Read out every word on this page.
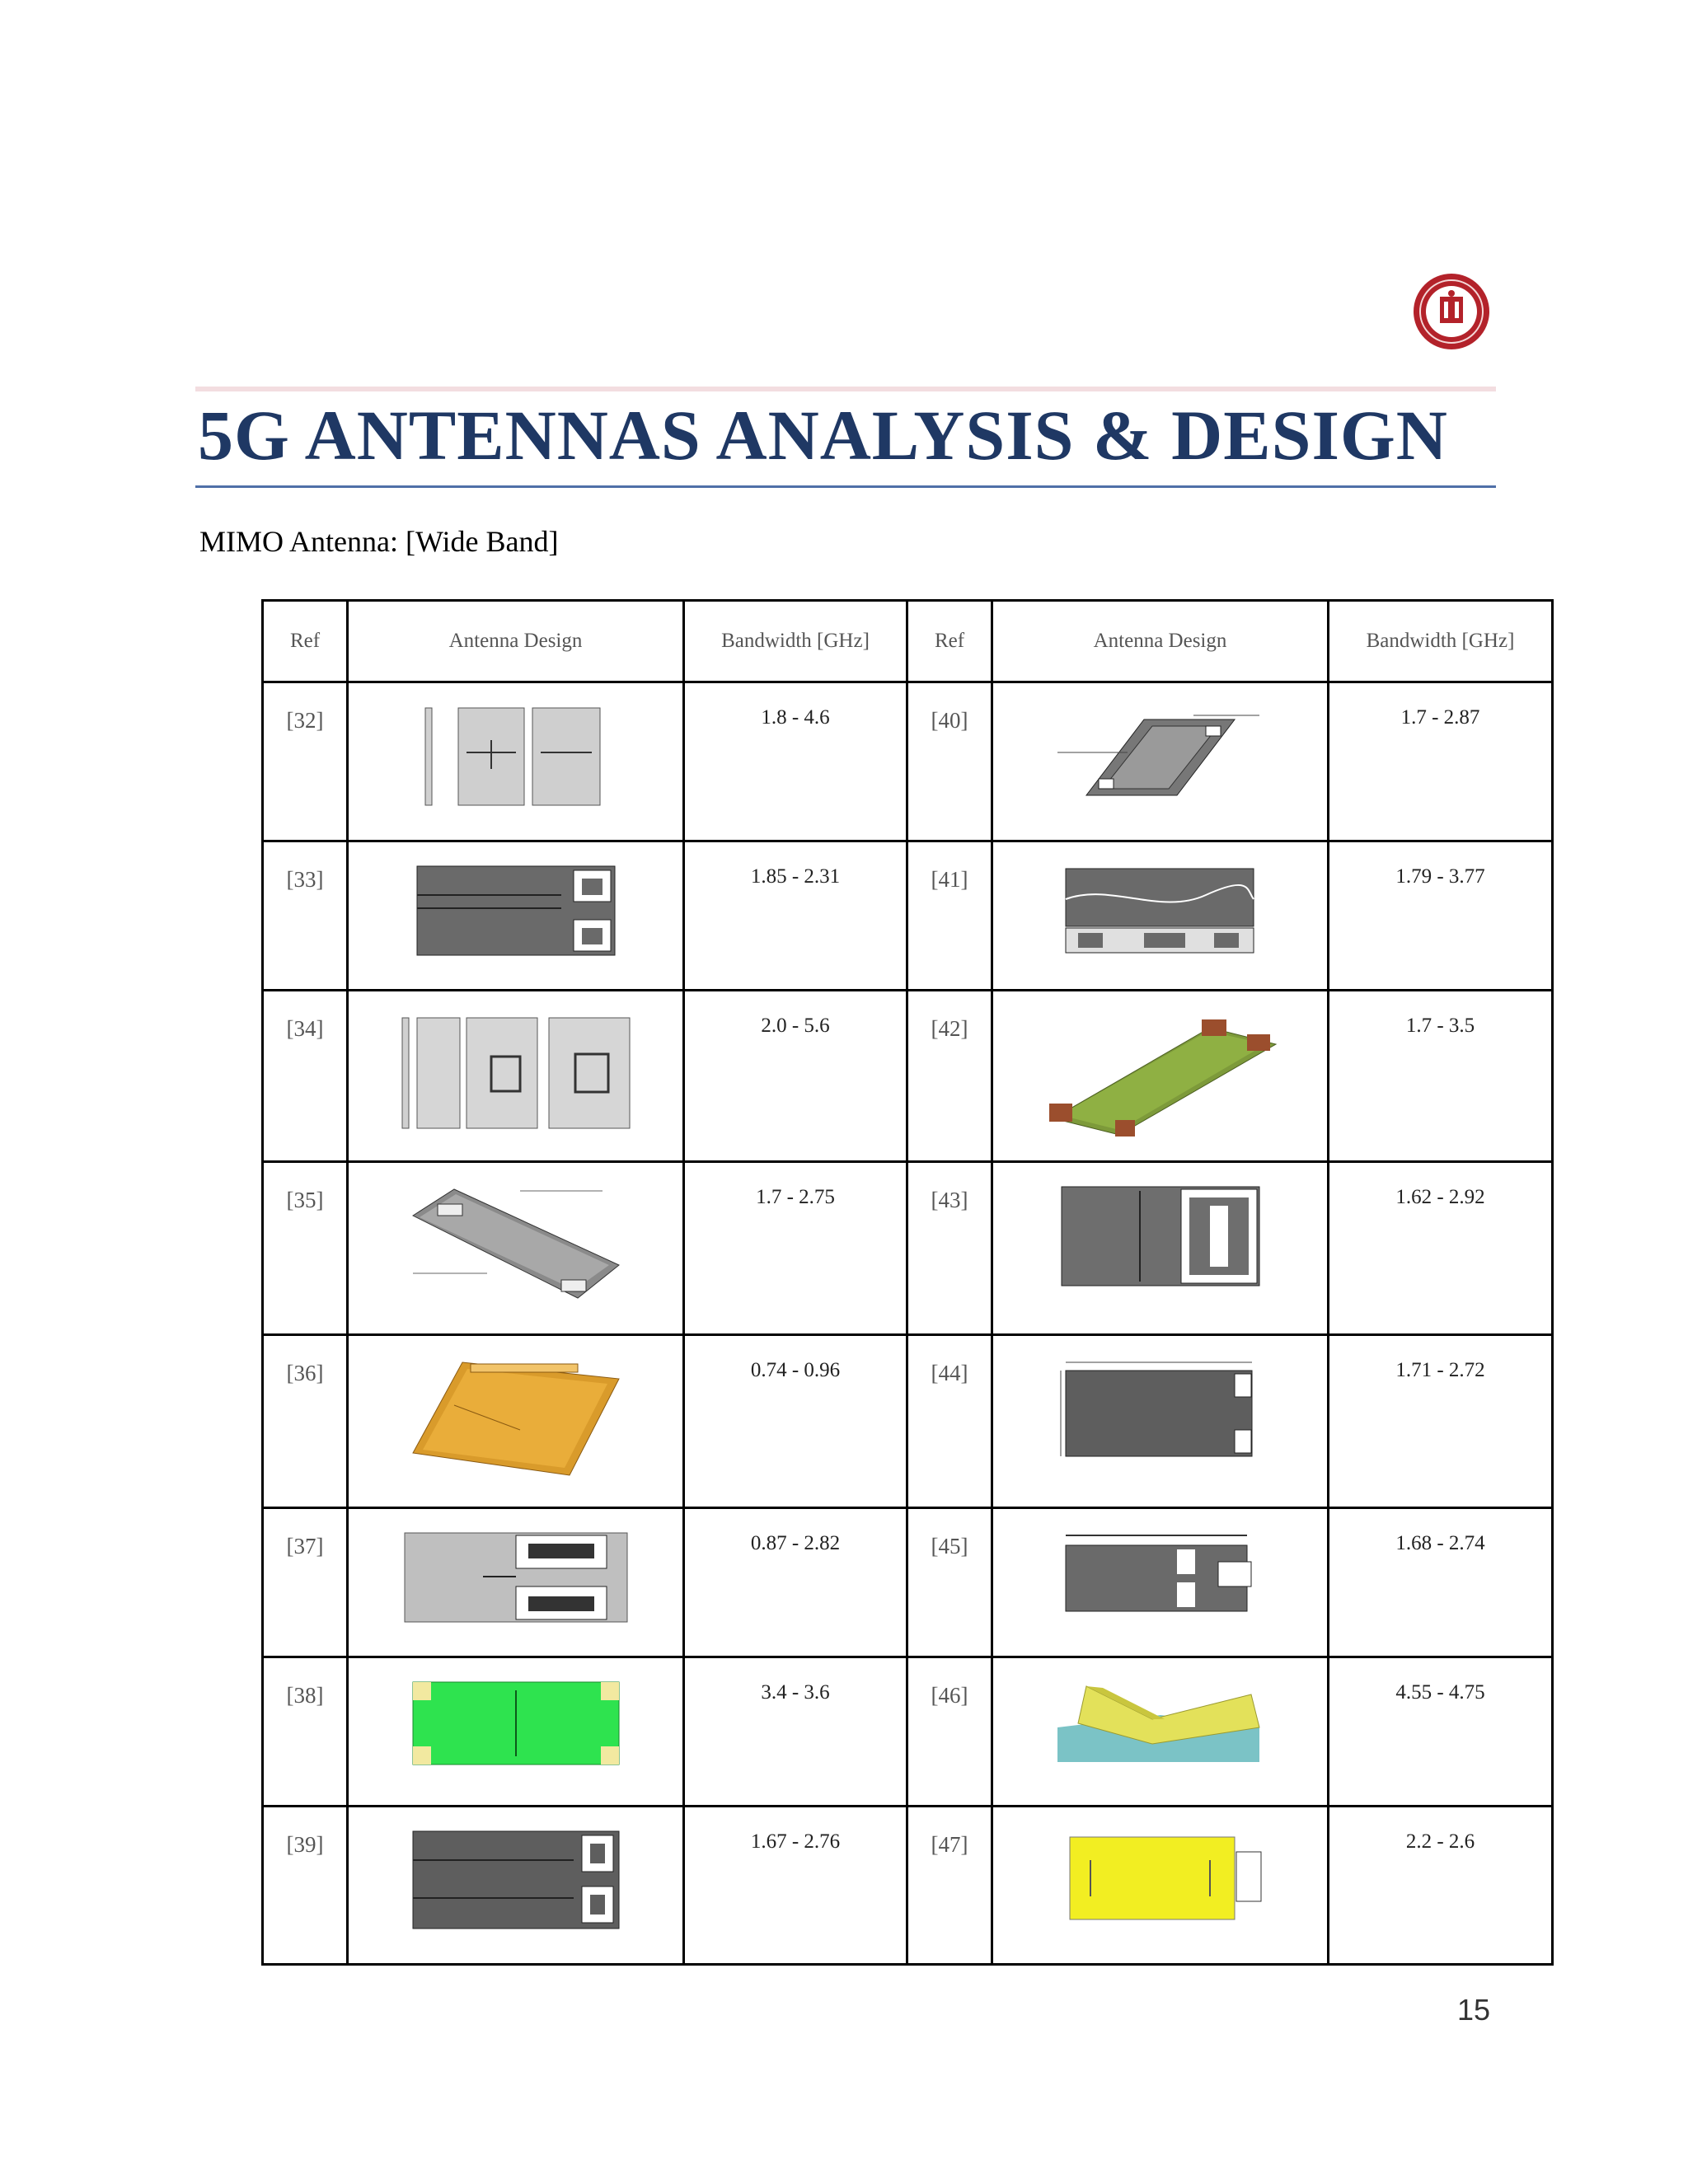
5G ANTENNAS ANALYSIS & DESIGN
MIMO Antenna: [Wide Band]
Ref	Antenna Design	Bandwidth [GHz]	Ref	Antenna Design	Bandwidth [GHz]
[32]		1.8 - 4.6	[40]		1.7 - 2.87
[33]		1.85 - 2.31	[41]		1.79 - 3.77
[34]		2.0 - 5.6	[42]		1.7 - 3.5
[35]		1.7 - 2.75	[43]		1.62 - 2.92
[36]		0.74 - 0.96	[44]		1.71 - 2.72
[37]		0.87 - 2.82	[45]		1.68 - 2.74
[38]		3.4 - 3.6	[46]		4.55 - 4.75
[39]		1.67 - 2.76	[47]		2.2 - 2.6
15
